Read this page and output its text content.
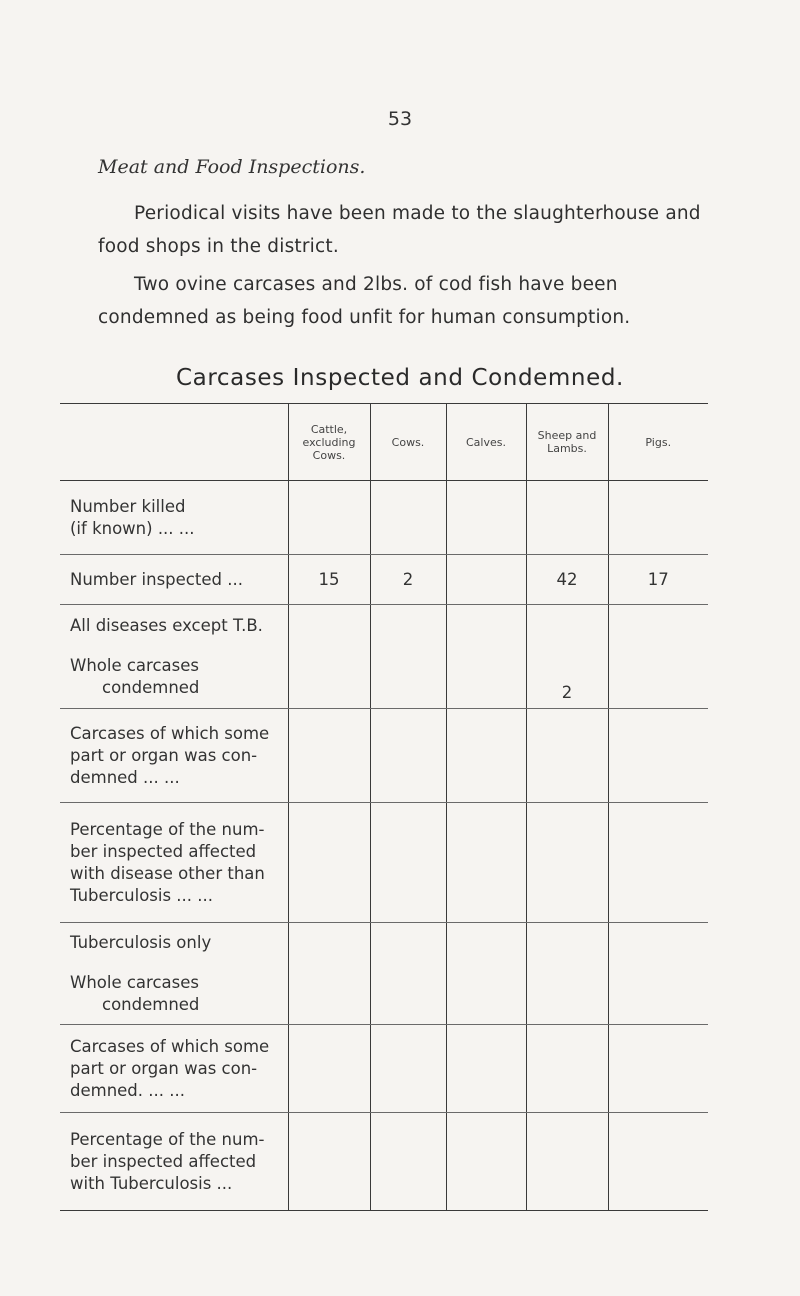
53
Meat and Food Inspections.
Periodical visits have been made to the slaughterhouse and food shops in the district.
Two ovine carcases and 2lbs. of cod fish have been condemned as being food unfit for human consumption.
Carcases Inspected and Condemned.
	Cattle, excluding Cows.	Cows.	Calves.	Sheep and Lambs.	Pigs.
Number killed
(if known) ... ...					
Number inspected ...	15	2		42	17
All diseases except T.B.
Whole carcases

condemned				2	
Carcases of which some part or organ was con- demned ... ...					
Percentage of the num- ber inspected affected with disease other than Tuberculosis ... ...					
Tuberculosis only
Whole carcases

condemned					

Carcases of which some part or organ was con- demned. ... ...					
Percentage of the num- ber inspected affected with Tuberculosis ...					
